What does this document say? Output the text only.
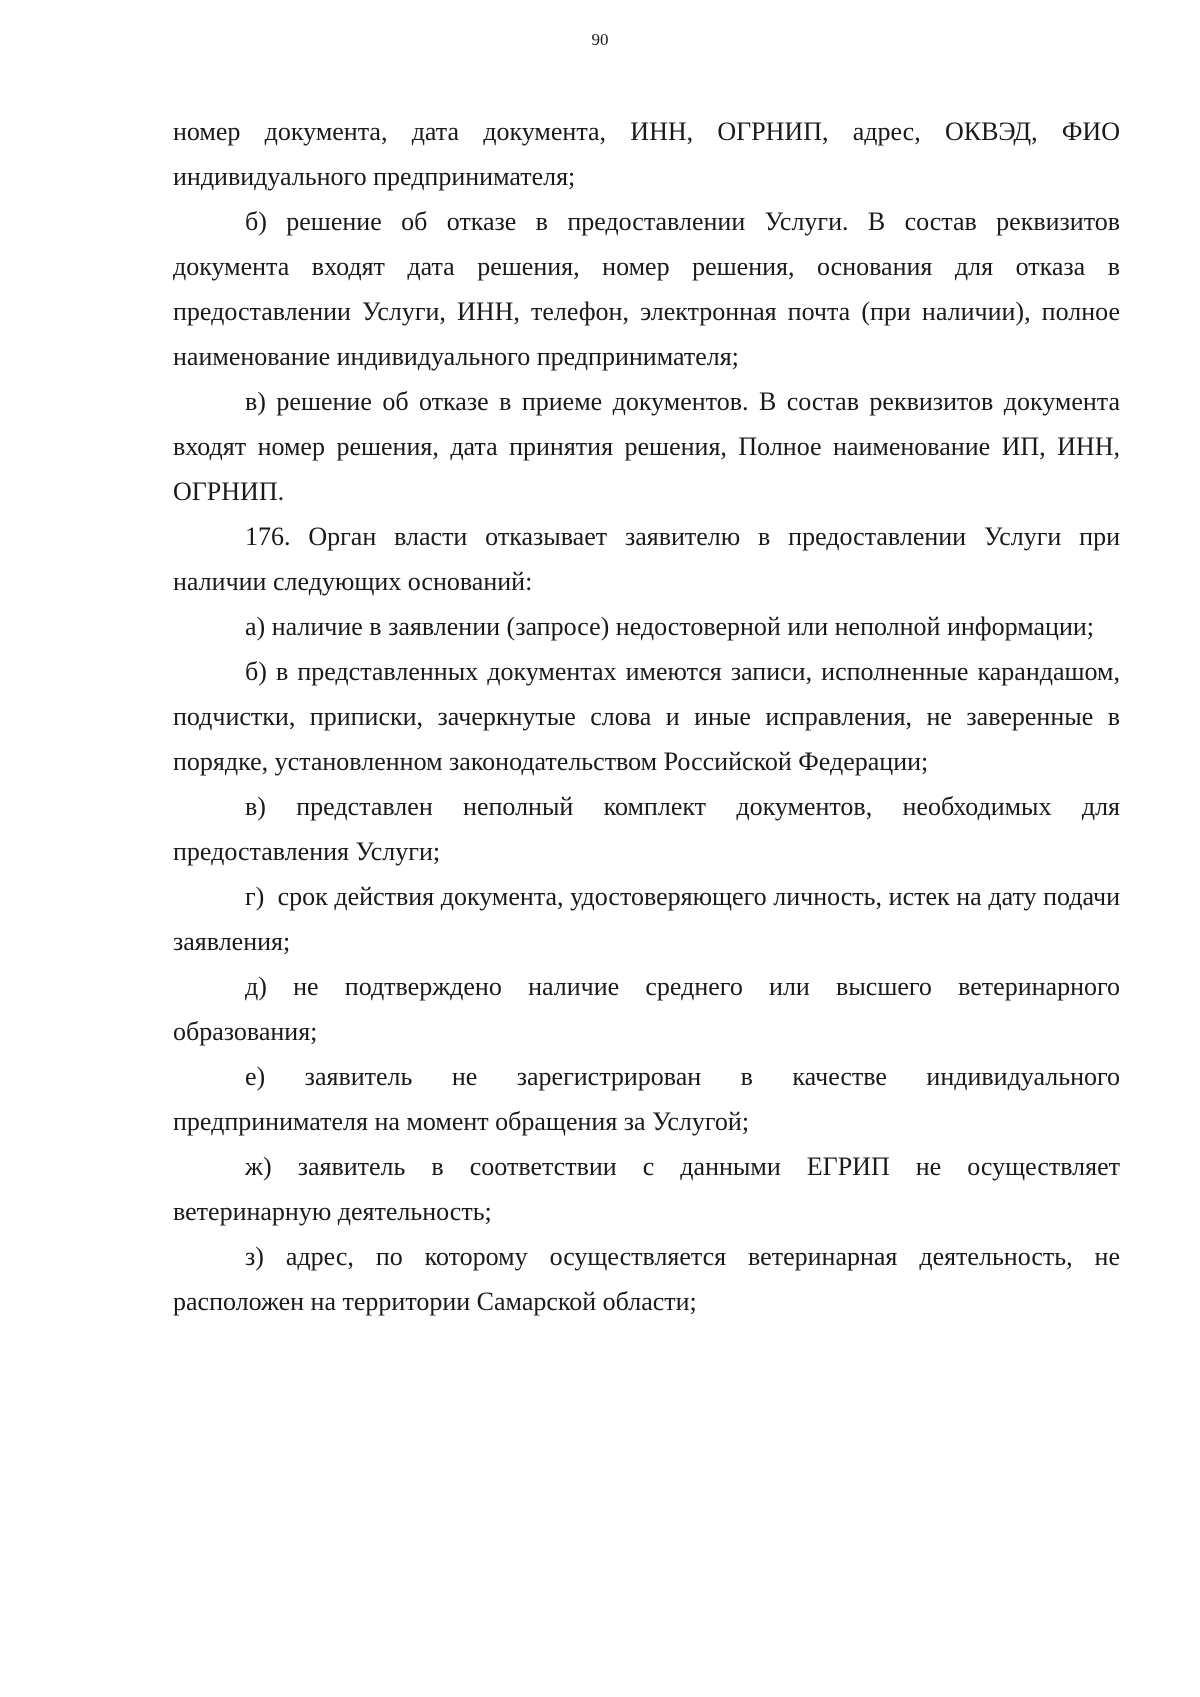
90

номер документа, дата документа, ИНН, ОГРНИП, адрес, ОКВЭД, ФИО индивидуального предпринимателя;

б) решение об отказе в предоставлении Услуги. В состав реквизитов документа входят дата решения, номер решения, основания для отказа в предоставлении Услуги, ИНН, телефон, электронная почта (при наличии), полное наименование индивидуального предпринимателя;

в) решение об отказе в приеме документов. В состав реквизитов документа входят номер решения, дата принятия решения, Полное наименование ИП, ИНН, ОГРНИП.

176. Орган власти отказывает заявителю в предоставлении Услуги при наличии следующих оснований:

а) наличие в заявлении (запросе) недостоверной или неполной информации;

б) в представленных документах имеются записи, исполненные карандашом, подчистки, приписки, зачеркнутые слова и иные исправления, не заверенные в порядке, установленном законодательством Российской Федерации;

в) представлен неполный комплект документов, необходимых для предоставления Услуги;

г) срок действия документа, удостоверяющего личность, истек на дату подачи заявления;

д) не подтверждено наличие среднего или высшего ветеринарного образования;

е) заявитель не зарегистрирован в качестве индивидуального предпринимателя на момент обращения за Услугой;

ж) заявитель в соответствии с данными ЕГРИП не осуществляет ветеринарную деятельность;

з) адрес, по которому осуществляется ветеринарная деятельность, не расположен на территории Самарской области;
